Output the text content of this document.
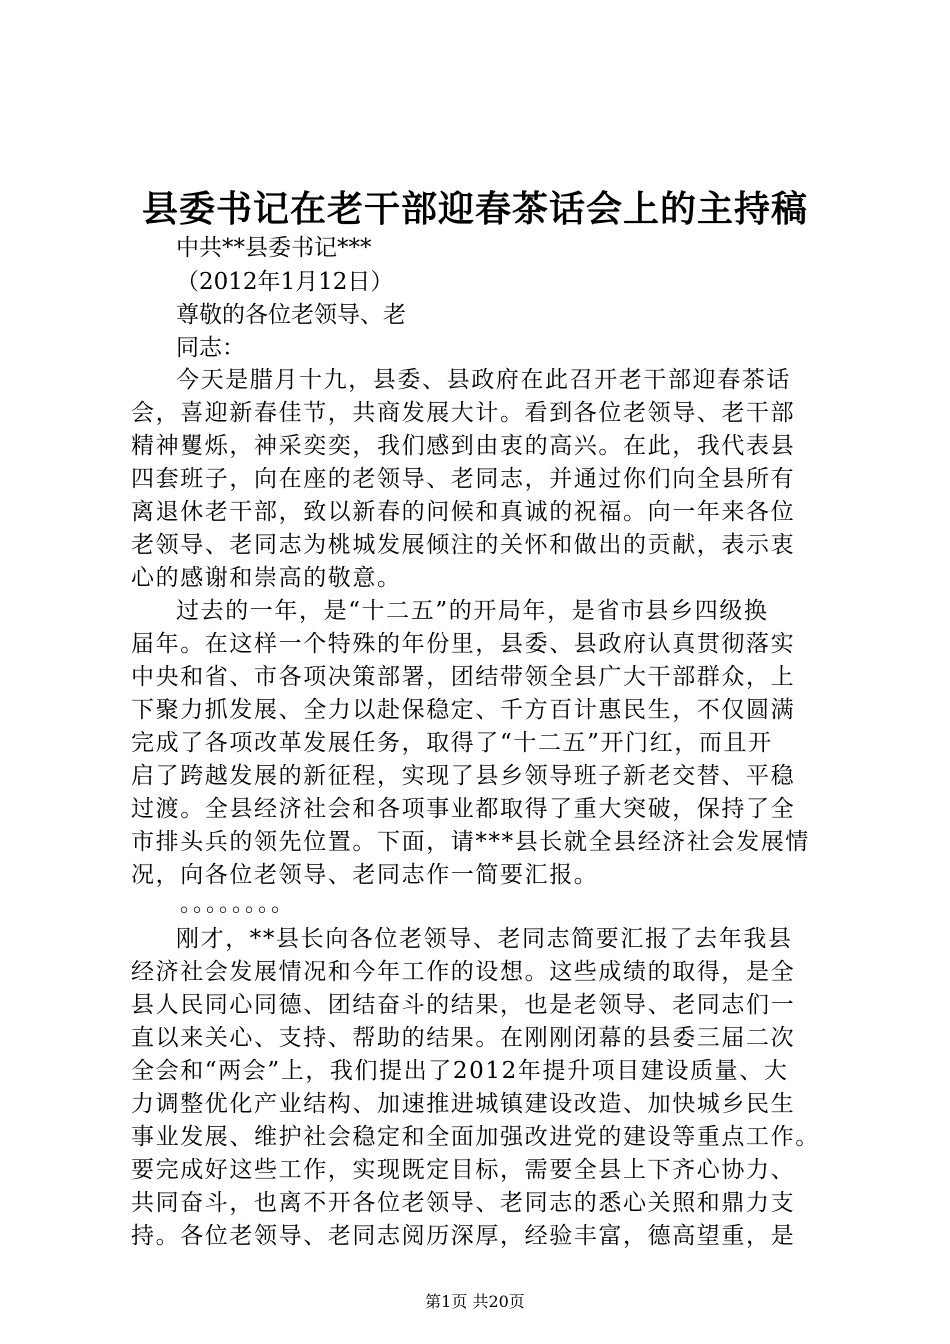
县委书记在老干部迎春茶话会上的主持稿
中共**县委书记***
（2012年1月12日）
尊敬的各位老领导、老
同志：
今天是腊月十九，县委、县政府在此召开老干部迎春茶话
会，喜迎新春佳节，共商发展大计。看到各位老领导、老干部
精神矍烁，神采奕奕，我们感到由衷的高兴。在此，我代表县
四套班子，向在座的老领导、老同志，并通过你们向全县所有
离退休老干部，致以新春的问候和真诚的祝福。向一年来各位
老领导、老同志为桃城发展倾注的关怀和做出的贡献，表示衷
心的感谢和崇高的敬意。
过去的一年，是“十二五”的开局年，是省市县乡四级换
届年。在这样一个特殊的年份里，县委、县政府认真贯彻落实
中央和省、市各项决策部署，团结带领全县广大干部群众，上
下聚力抓发展、全力以赴保稳定、千方百计惠民生，不仅圆满
完成了各项改革发展任务，取得了“十二五”开门红，而且开
启了跨越发展的新征程，实现了县乡领导班子新老交替、平稳
过渡。全县经济社会和各项事业都取得了重大突破，保持了全
市排头兵的领先位置。下面，请***县长就全县经济社会发展情
况，向各位老领导、老同志作一简要汇报。
。。。。。。。。
刚才，**县长向各位老领导、老同志简要汇报了去年我县
经济社会发展情况和今年工作的设想。这些成绩的取得，是全
县人民同心同德、团结奋斗的结果，也是老领导、老同志们一
直以来关心、支持、帮助的结果。在刚刚闭幕的县委三届二次
全会和“两会”上，我们提出了2012年提升项目建设质量、大
力调整优化产业结构、加速推进城镇建设改造、加快城乡民生
事业发展、维护社会稳定和全面加强改进党的建设等重点工作。
要完成好这些工作，实现既定目标，需要全县上下齐心协力、
共同奋斗，也离不开各位老领导、老同志的悉心关照和鼎力支
持。各位老领导、老同志阅历深厚，经验丰富，德高望重，是
第1页 共20页
